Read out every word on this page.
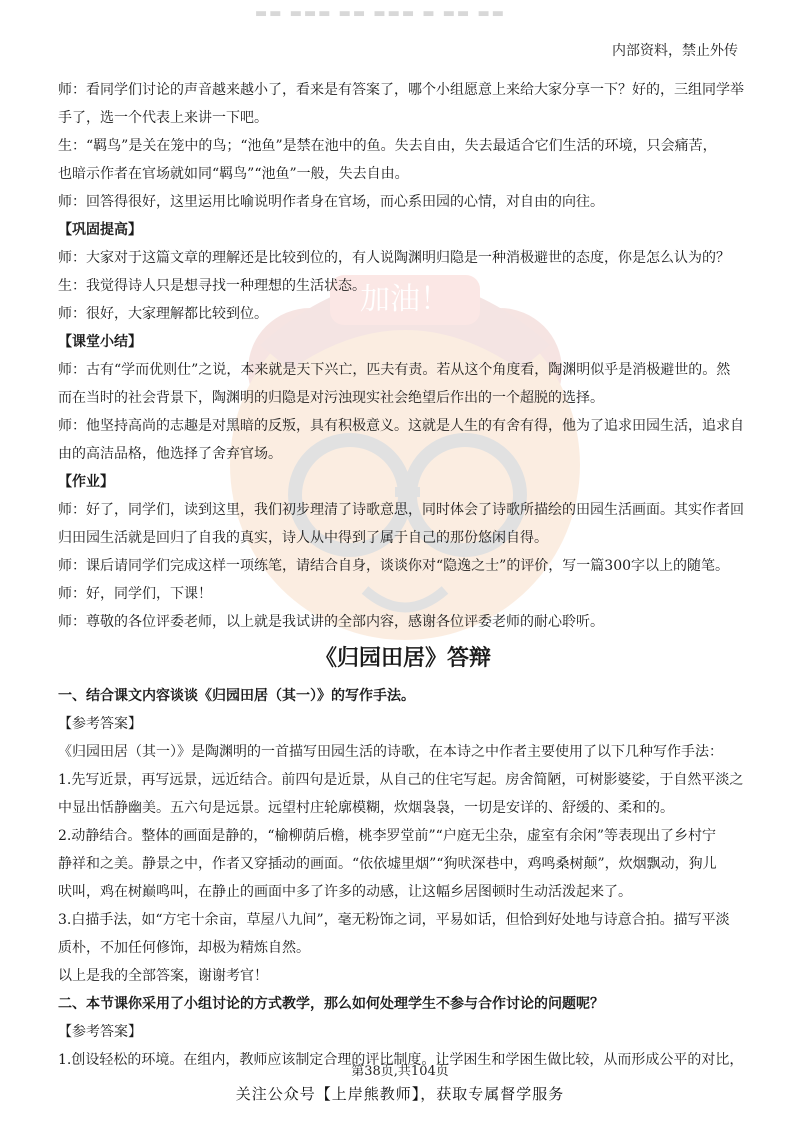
加油！
▬▬ ▬▬▬ ▬▬ ▬▬▬ ▬ ▬▬ ▬▬
内部资料，禁止外传

师：看同学们讨论的声音越来越小了，看来是有答案了，哪个小组愿意上来给大家分享一下？好的，三组同学举
手了，选一个代表上来讲一下吧。

生：“羁鸟”是关在笼中的鸟；“池鱼”是禁在池中的鱼。失去自由，失去最适合它们生活的环境，只会痛苦，
也暗示作者在官场就如同“羁鸟”“池鱼”一般，失去自由。

师：回答得很好，这里运用比喻说明作者身在官场，而心系田园的心情，对自由的向往。

【巩固提高】

师：大家对于这篇文章的理解还是比较到位的，有人说陶渊明归隐是一种消极避世的态度，你是怎么认为的？

生：我觉得诗人只是想寻找一种理想的生活状态。

师：很好，大家理解都比较到位。

【课堂小结】

师：古有“学而优则仕”之说，本来就是天下兴亡，匹夫有责。若从这个角度看，陶渊明似乎是消极避世的。然
而在当时的社会背景下，陶渊明的归隐是对污浊现实社会绝望后作出的一个超脱的选择。

师：他坚持高尚的志趣是对黑暗的反叛，具有积极意义。这就是人生的有舍有得，他为了追求田园生活，追求自
由的高洁品格，他选择了舍弃官场。

【作业】

师：好了，同学们，读到这里，我们初步理清了诗歌意思，同时体会了诗歌所描绘的田园生活画面。其实作者回
归田园生活就是回归了自我的真实，诗人从中得到了属于自己的那份悠闲自得。

师：课后请同学们完成这样一项练笔，请结合自身，谈谈你对“隐逸之士”的评价，写一篇300字以上的随笔。

师：好，同学们，下课！

师：尊敬的各位评委老师，以上就是我试讲的全部内容，感谢各位评委老师的耐心聆听。

《归园田居》答辩
一、结合课文内容谈谈《归园田居（其一）》的写作手法。
【参考答案】

《归园田居（其一）》是陶渊明的一首描写田园生活的诗歌，在本诗之中作者主要使用了以下几种写作手法：
1.先写近景，再写远景，远近结合。前四句是近景，从自己的住宅写起。房舍简陋，可树影婆娑，于自然平淡之
中显出恬静幽美。五六句是远景。远望村庄轮廓模糊，炊烟袅袅，一切是安详的、舒缓的、柔和的。

2.动静结合。整体的画面是静的，“榆柳荫后檐，桃李罗堂前”“户庭无尘杂，虚室有余闲”等表现出了乡村宁
静祥和之美。静景之中，作者又穿插动的画面。“依依墟里烟”“狗吠深巷中，鸡鸣桑树颠”，炊烟飘动，狗儿
吠叫，鸡在树巅鸣叫，在静止的画面中多了许多的动感，让这幅乡居图顿时生动活泼起来了。

3.白描手法，如“方宅十余亩，草屋八九间”，毫无粉饰之词，平易如话，但恰到好处地与诗意合拍。描写平淡
质朴，不加任何修饰，却极为精炼自然。

以上是我的全部答案，谢谢考官！

二、本节课你采用了小组讨论的方式教学，那么如何处理学生不参与合作讨论的问题呢？
【参考答案】

1.创设轻松的环境。在组内，教师应该制定合理的评比制度。让学困生和学困生做比较，从而形成公平的对比，

第38页,共104页
关注公众号【上岸熊教师】，获取专属督学服务
